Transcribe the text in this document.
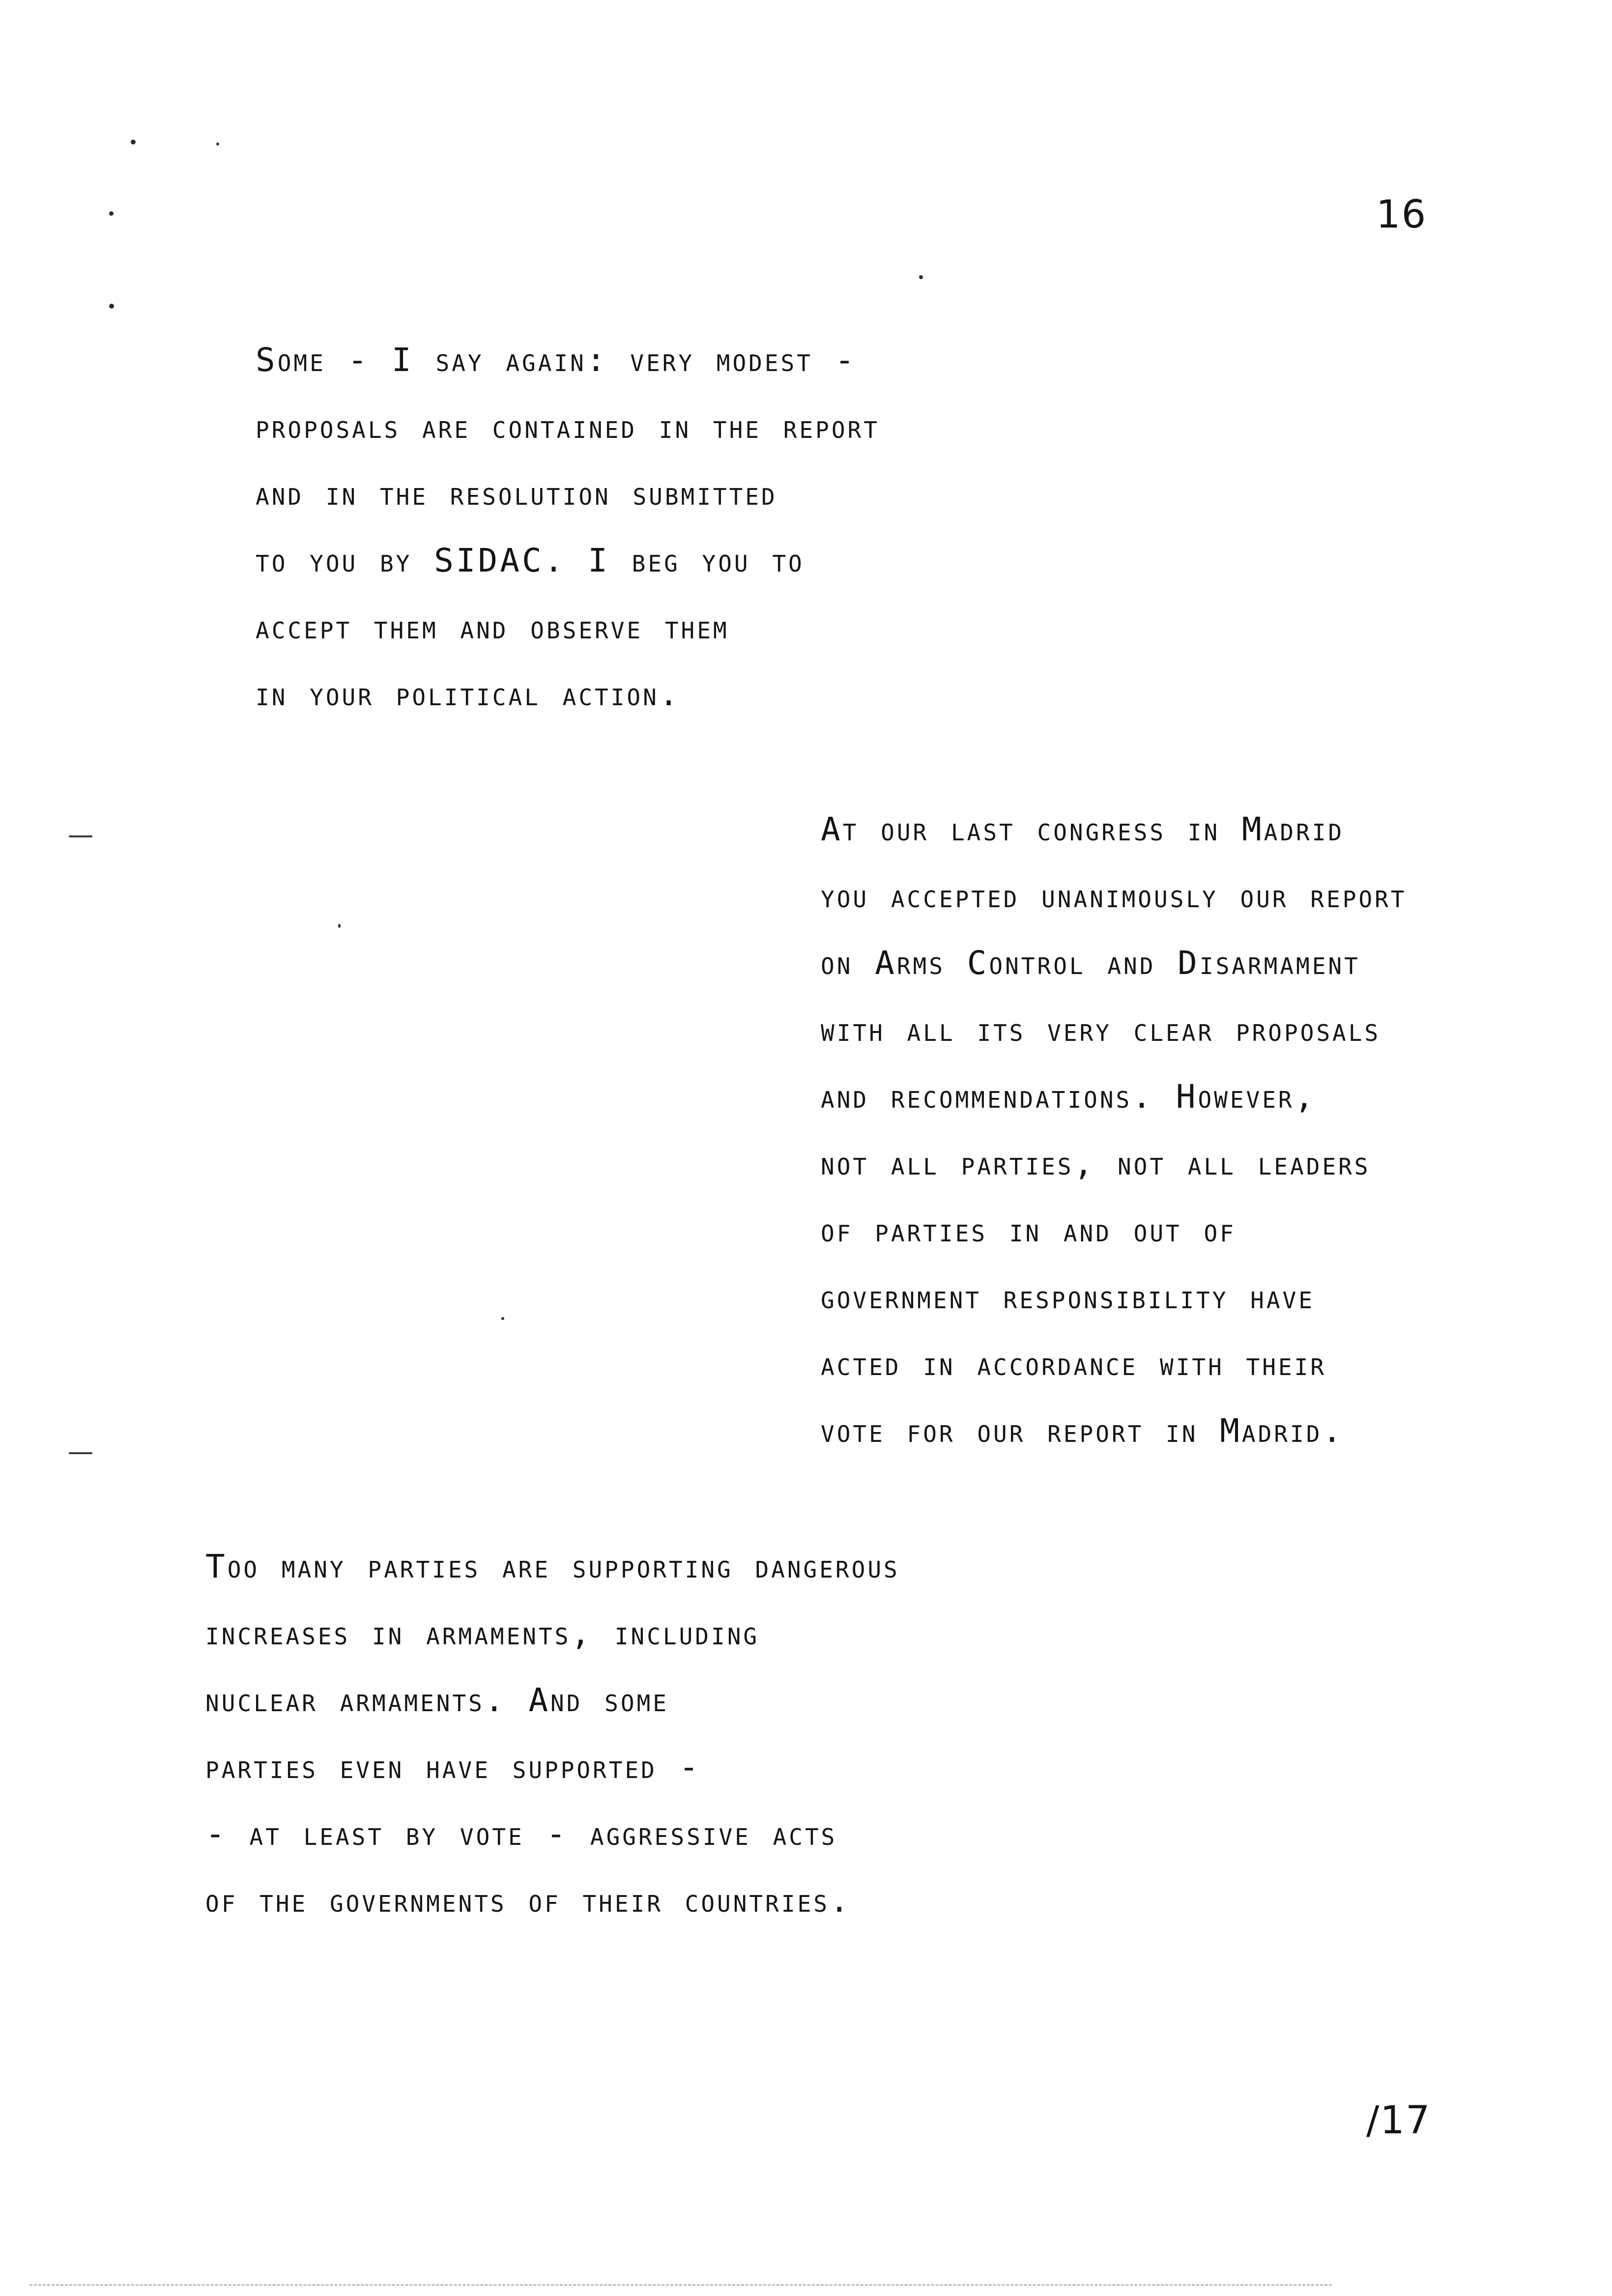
16
Some - I say again: very modest -
proposals are contained in the report
and in the resolution submitted
to you by SIDAC. I beg you to
accept them and observe them
in your political action.
At our last congress in Madrid
you accepted unanimously our report
on Arms Control and Disarmament
with all its very clear proposals
and recommendations. However,
not all parties, not all leaders
of parties in and out of
government responsibility have
acted in accordance with their
vote for our report in Madrid.
Too many parties are supporting dangerous
increases in armaments, including
nuclear armaments. And some
parties even have supported -
- at least by vote - aggressive acts
of the governments of their countries.
/17
